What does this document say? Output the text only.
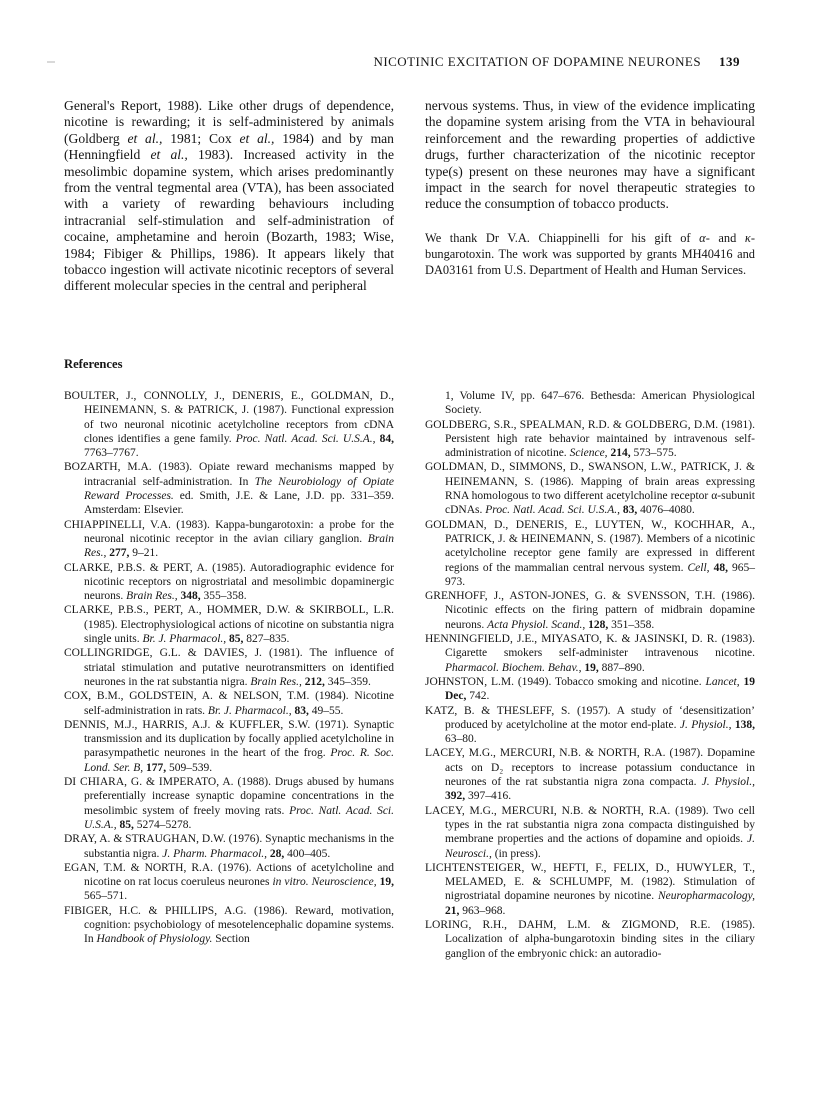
NICOTINIC EXCITATION OF DOPAMINE NEURONES 139

General's Report, 1988). Like other drugs of dependence, nicotine is rewarding; it is self-administered by animals (Goldberg et al., 1981; Cox et al., 1984) and by man (Henningfield et al., 1983). Increased activity in the mesolimbic dopamine system, which arises predominantly from the ventral tegmental area (VTA), has been associated with a variety of rewarding behaviours including intracranial self-stimulation and self-administration of cocaine, amphetamine and heroin (Bozarth, 1983; Wise, 1984; Fibiger & Phillips, 1986). It appears likely that tobacco ingestion will activate nicotinic receptors of several different molecular species in the central and peripheral

nervous systems. Thus, in view of the evidence implicating the dopamine system arising from the VTA in behavioural reinforcement and the rewarding properties of addictive drugs, further characterization of the nicotinic receptor type(s) present on these neurones may have a significant impact in the search for novel therapeutic strategies to reduce the consumption of tobacco products.

We thank Dr V.A. Chiappinelli for his gift of α- and κ-bungarotoxin. The work was supported by grants MH40416 and DA03161 from U.S. Department of Health and Human Services.

References

BOULTER, J., CONNOLLY, J., DENERIS, E., GOLDMAN, D., HEINEMANN, S. & PATRICK, J. (1987). Functional expression of two neuronal nicotinic acetylcholine receptors from cDNA clones identifies a gene family. Proc. Natl. Acad. Sci. U.S.A., 84, 7763–7767.

BOZARTH, M.A. (1983). Opiate reward mechanisms mapped by intracranial self-administration. In The Neurobiology of Opiate Reward Processes. ed. Smith, J.E. & Lane, J.D. pp. 331–359. Amsterdam: Elsevier.

CHIAPPINELLI, V.A. (1983). Kappa-bungarotoxin: a probe for the neuronal nicotinic receptor in the avian ciliary ganglion. Brain Res., 277, 9–21.

CLARKE, P.B.S. & PERT, A. (1985). Autoradiographic evidence for nicotinic receptors on nigrostriatal and mesolimbic dopaminergic neurons. Brain Res., 348, 355–358.

CLARKE, P.B.S., PERT, A., HOMMER, D.W. & SKIRBOLL, L.R. (1985). Electrophysiological actions of nicotine on substantia nigra single units. Br. J. Pharmacol., 85, 827–835.

COLLINGRIDGE, G.L. & DAVIES, J. (1981). The influence of striatal stimulation and putative neurotransmitters on identified neurones in the rat substantia nigra. Brain Res., 212, 345–359.

COX, B.M., GOLDSTEIN, A. & NELSON, T.M. (1984). Nicotine self-administration in rats. Br. J. Pharmacol., 83, 49–55.

DENNIS, M.J., HARRIS, A.J. & KUFFLER, S.W. (1971). Synaptic transmission and its duplication by focally applied acetylcholine in parasympathetic neurones in the heart of the frog. Proc. R. Soc. Lond. Ser. B, 177, 509–539.

DI CHIARA, G. & IMPERATO, A. (1988). Drugs abused by humans preferentially increase synaptic dopamine concentrations in the mesolimbic system of freely moving rats. Proc. Natl. Acad. Sci. U.S.A., 85, 5274–5278.

DRAY, A. & STRAUGHAN, D.W. (1976). Synaptic mechanisms in the substantia nigra. J. Pharm. Pharmacol., 28, 400–405.

EGAN, T.M. & NORTH, R.A. (1976). Actions of acetylcholine and nicotine on rat locus coeruleus neurones in vitro. Neuroscience, 19, 565–571.

FIBIGER, H.C. & PHILLIPS, A.G. (1986). Reward, motivation, cognition: psychobiology of mesotelencephalic dopamine systems. In Handbook of Physiology. Section

1, Volume IV, pp. 647–676. Bethesda: American Physiological Society.

GOLDBERG, S.R., SPEALMAN, R.D. & GOLDBERG, D.M. (1981). Persistent high rate behavior maintained by intravenous self-administration of nicotine. Science, 214, 573–575.

GOLDMAN, D., SIMMONS, D., SWANSON, L.W., PATRICK, J. & HEINEMANN, S. (1986). Mapping of brain areas expressing RNA homologous to two different acetylcholine receptor α-subunit cDNAs. Proc. Natl. Acad. Sci. U.S.A., 83, 4076–4080.

GOLDMAN, D., DENERIS, E., LUYTEN, W., KOCHHAR, A., PATRICK, J. & HEINEMANN, S. (1987). Members of a nicotinic acetylcholine receptor gene family are expressed in different regions of the mammalian central nervous system. Cell, 48, 965–973.

GRENHOFF, J., ASTON-JONES, G. & SVENSSON, T.H. (1986). Nicotinic effects on the firing pattern of midbrain dopamine neurons. Acta Physiol. Scand., 128, 351–358.

HENNINGFIELD, J.E., MIYASATO, K. & JASINSKI, D. R. (1983). Cigarette smokers self-administer intravenous nicotine. Pharmacol. Biochem. Behav., 19, 887–890.

JOHNSTON, L.M. (1949). Tobacco smoking and nicotine. Lancet, 19 Dec, 742.

KATZ, B. & THESLEFF, S. (1957). A study of ‘desensitization’ produced by acetylcholine at the motor end-plate. J. Physiol., 138, 63–80.

LACEY, M.G., MERCURI, N.B. & NORTH, R.A. (1987). Dopamine acts on D₂ receptors to increase potassium conductance in neurones of the rat substantia nigra zona compacta. J. Physiol., 392, 397–416.

LACEY, M.G., MERCURI, N.B. & NORTH, R.A. (1989). Two cell types in the rat substantia nigra zona compacta distinguished by membrane properties and the actions of dopamine and opioids. J. Neurosci., (in press).

LICHTENSTEIGER, W., HEFTI, F., FELIX, D., HUWYLER, T., MELAMED, E. & SCHLUMPF, M. (1982). Stimulation of nigrostriatal dopamine neurones by nicotine. Neuropharmacology, 21, 963–968.

LORING, R.H., DAHM, L.M. & ZIGMOND, R.E. (1985). Localization of alpha-bungarotoxin binding sites in the ciliary ganglion of the embryonic chick: an autoradio-
